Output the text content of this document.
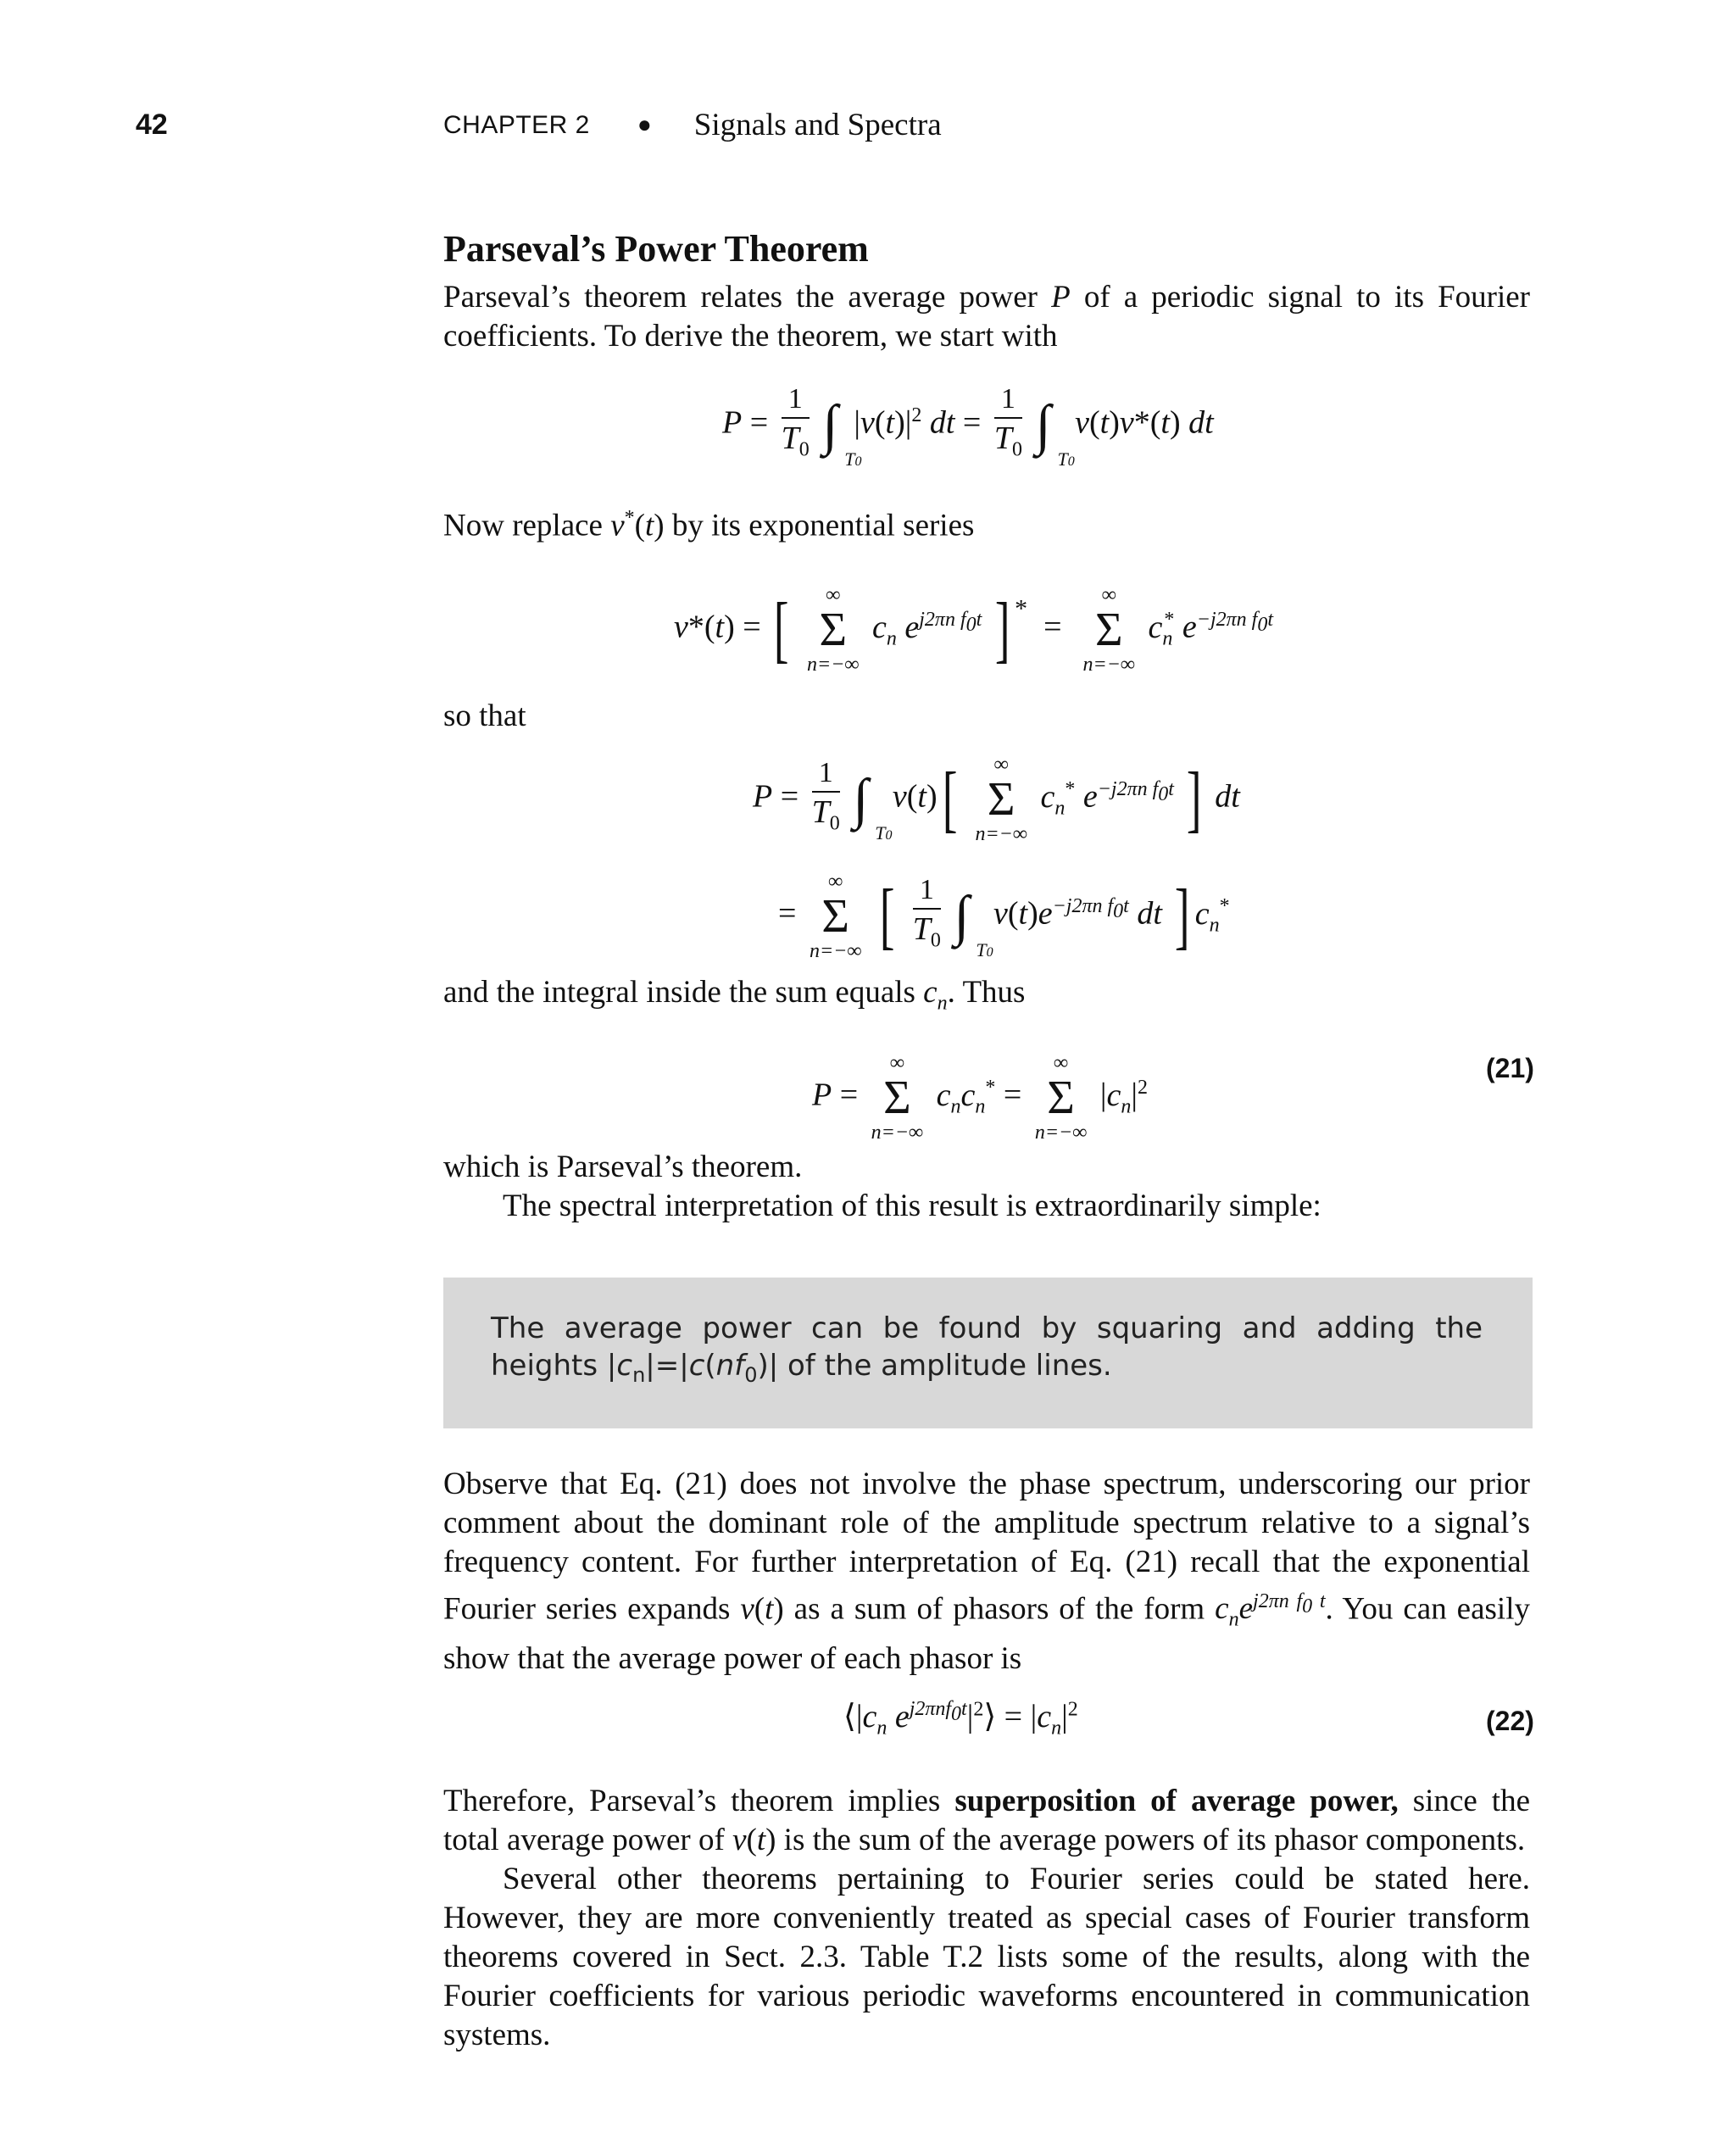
42	CHAPTER 2 ● Signals and Spectra
Parseval’s Power Theorem
Parseval’s theorem relates the average power P of a periodic signal to its Fourier coefficients. To derive the theorem, we start with
$P = \frac{1}{T_0}$ ∫
T0
$|v(t)|^2$ dt = $\frac{1}{T_0}$ ∫
T0
v(t)v*(t) dt
Now replace v*(t) by its exponential series
v*(t) = [	∞
Σ
n=−∞
$c_n$ $e^{j2\pi n f_0t}$ ] *  =
∞
Σ
n=−∞
$c_n^*$ $e^{-j2\pi n f_0t}$
so that
$P = \frac{1}{T_0}$ ∫
T0
v(t)[	∞
Σ
n=−∞
$c_n^*$ $e^{-j2\pi n f_0t}$ ] dt
=
∞
Σ
n=−∞ [ $\frac{1}{T_0}$ ∫
T0
$v(t)e^{-j2\pi n f_0t}$ dt ] $c_n^*$
and the integral inside the sum equals $c_n$. Thus
P =
∞
Σ
n=−∞
$c_nc_n^*$ =
∞
Σ
n=−∞
$|c_n|^2$
(21)
which is Parseval’s theorem.
The spectral interpretation of this result is extraordinarily simple:
The average power can be found by squaring and adding the heights $|c_n|=|c(nf_0)|$ of the amplitude lines.
Observe that Eq. (21) does not involve the phase spectrum, underscoring our prior comment about the dominant role of the amplitude spectrum relative to a signal’s frequency content. For further interpretation of Eq. (21) recall that the exponential Fourier series expands v(t) as a sum of phasors of the form $c_ne^{j2\pi n f_0 t}$. You can easily show that the average power of each phasor is
$⟨|c_n$ $e^{j2\pi nf_0t}|^2⟩ = |c_n|^2$	(22)
Therefore, Parseval’s theorem implies superposition of average power, since the total average power of v(t) is the sum of the average powers of its phasor components.
Several other theorems pertaining to Fourier series could be stated here. However, they are more conveniently treated as special cases of Fourier transform theorems covered in Sect. 2.3. Table T.2 lists some of the results, along with the Fourier coefficients for various periodic waveforms encountered in communication systems.
